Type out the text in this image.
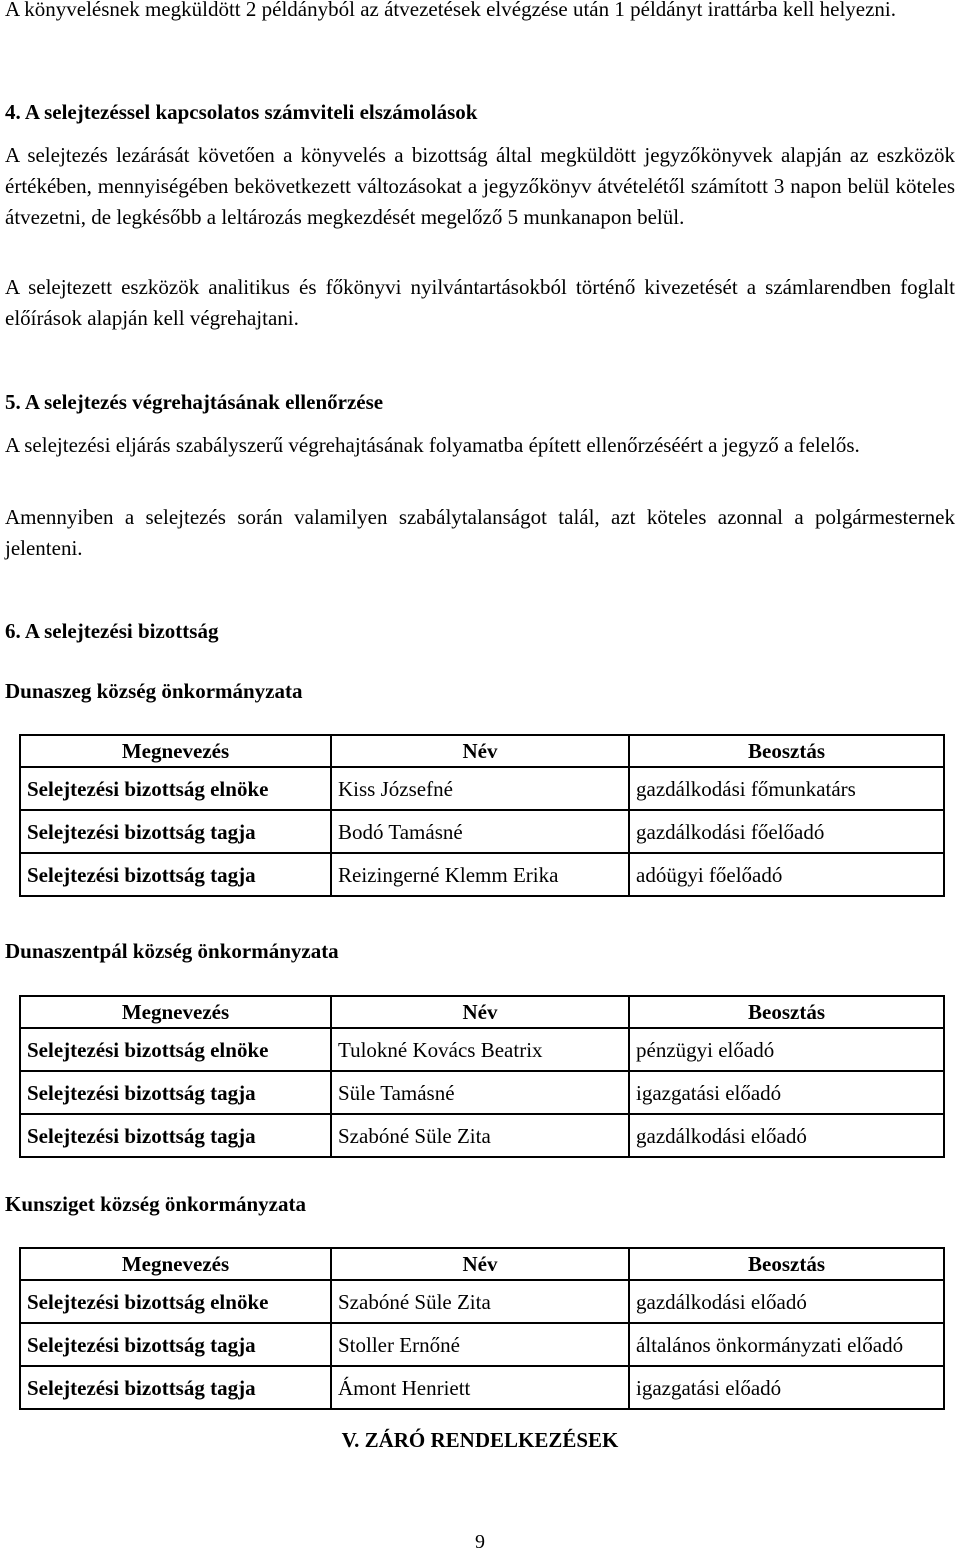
A könyvelésnek megküldött 2 példányból az átvezetések elvégzése után 1 példányt irattárba kell helyezni.

4. A selejtezéssel kapcsolatos számviteli elszámolások

A selejtezés lezárását követően a könyvelés a bizottság által megküldött jegyzőkönyvek alapján az eszközök értékében, mennyiségében bekövetkezett változásokat a jegyzőkönyv átvételétől számított 3 napon belül köteles átvezetni, de legkésőbb a leltározás megkezdését megelőző 5 munkanapon belül.

A selejtezett eszközök analitikus és főkönyvi nyilvántartásokból történő kivezetését a számlarendben foglalt előírások alapján kell végrehajtani.

5. A selejtezés végrehajtásának ellenőrzése

A selejtezési eljárás szabályszerű végrehajtásának folyamatba épített ellenőrzéséért a jegyző a felelős.

Amennyiben a selejtezés során valamilyen szabálytalanságot talál, azt köteles azonnal a polgármesternek jelenteni.

6. A selejtezési bizottság
Dunaszeg község önkormányzata
Megnevezés	Név	Beosztás
Selejtezési bizottság elnöke	Kiss Józsefné	gazdálkodási főmunkatárs
Selejtezési bizottság tagja	Bodó Tamásné	gazdálkodási főelőadó
Selejtezési bizottság tagja	Reizingerné Klemm Erika	adóügyi főelőadó
Dunaszentpál község önkormányzata
Megnevezés	Név	Beosztás
Selejtezési bizottság elnöke	Tulokné Kovács Beatrix	pénzügyi előadó
Selejtezési bizottság tagja	Süle Tamásné	igazgatási előadó
Selejtezési bizottság tagja	Szabóné Süle Zita	gazdálkodási előadó
Kunsziget község önkormányzata
Megnevezés	Név	Beosztás
Selejtezési bizottság elnöke	Szabóné Süle Zita	gazdálkodási előadó
Selejtezési bizottság tagja	Stoller Ernőné	általános önkormányzati előadó
Selejtezési bizottság tagja	Ámont Henriett	igazgatási előadó
V. ZÁRÓ RENDELKEZÉSEK
9
